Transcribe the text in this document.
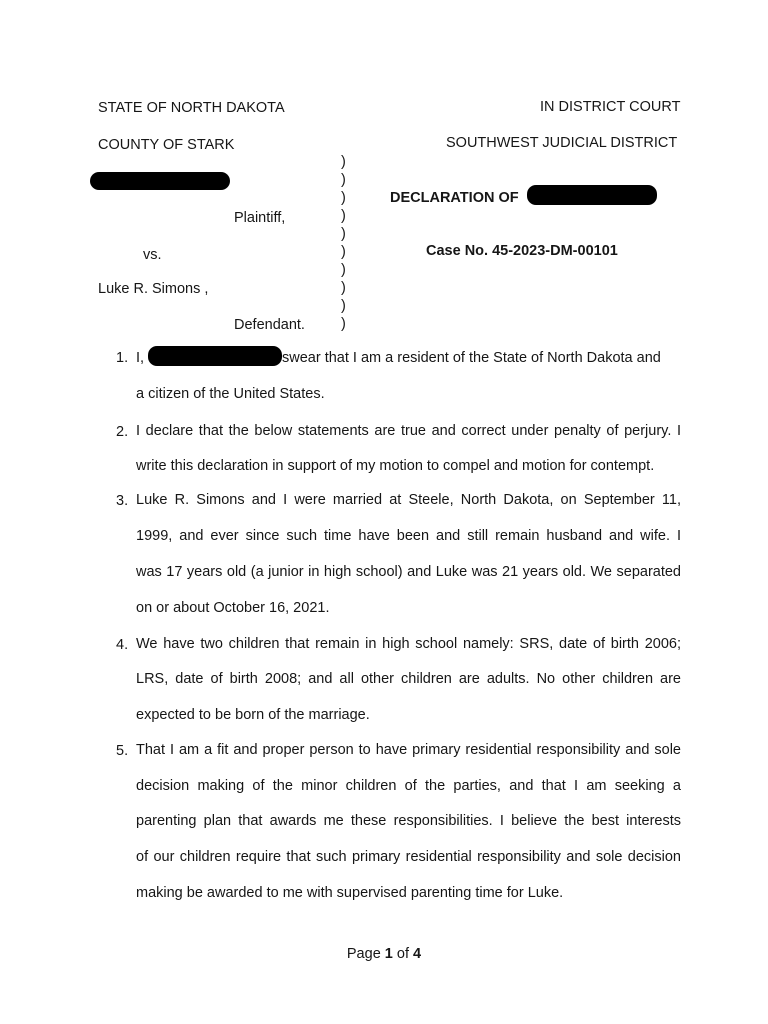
STATE OF NORTH DAKOTA	IN DISTRICT COURT
COUNTY OF STARK	SOUTHWEST JUDICIAL DISTRICT
)
)
)
)
)
)
)
)
)
)
Plaintiff,
vs.
Luke R. Simons ,
Defendant.
DECLARATION OF
Case No. 45-2023-DM-00101
1. I,	swear that I am a resident of the State of North Dakota and
a citizen of the United States.
2. I declare that the below statements are true and correct under penalty of perjury. I
write this declaration in support of my motion to compel and motion for contempt.
3. Luke R. Simons and I were married at Steele, North Dakota, on September 11,
1999, and ever since such time have been and still remain husband and wife. I
was 17 years old (a junior in high school) and Luke was 21 years old. We separated
on or about October 16, 2021.
4. We have two children that remain in high school namely: SRS, date of birth 2006;
LRS, date of birth 2008; and all other children are adults. No other children are
expected to be born of the marriage.
5. That I am a fit and proper person to have primary residential responsibility and sole
decision making of the minor children of the parties, and that I am seeking a
parenting plan that awards me these responsibilities. I believe the best interests
of our children require that such primary residential responsibility and sole decision
making be awarded to me with supervised parenting time for Luke.
Page 1 of 4
